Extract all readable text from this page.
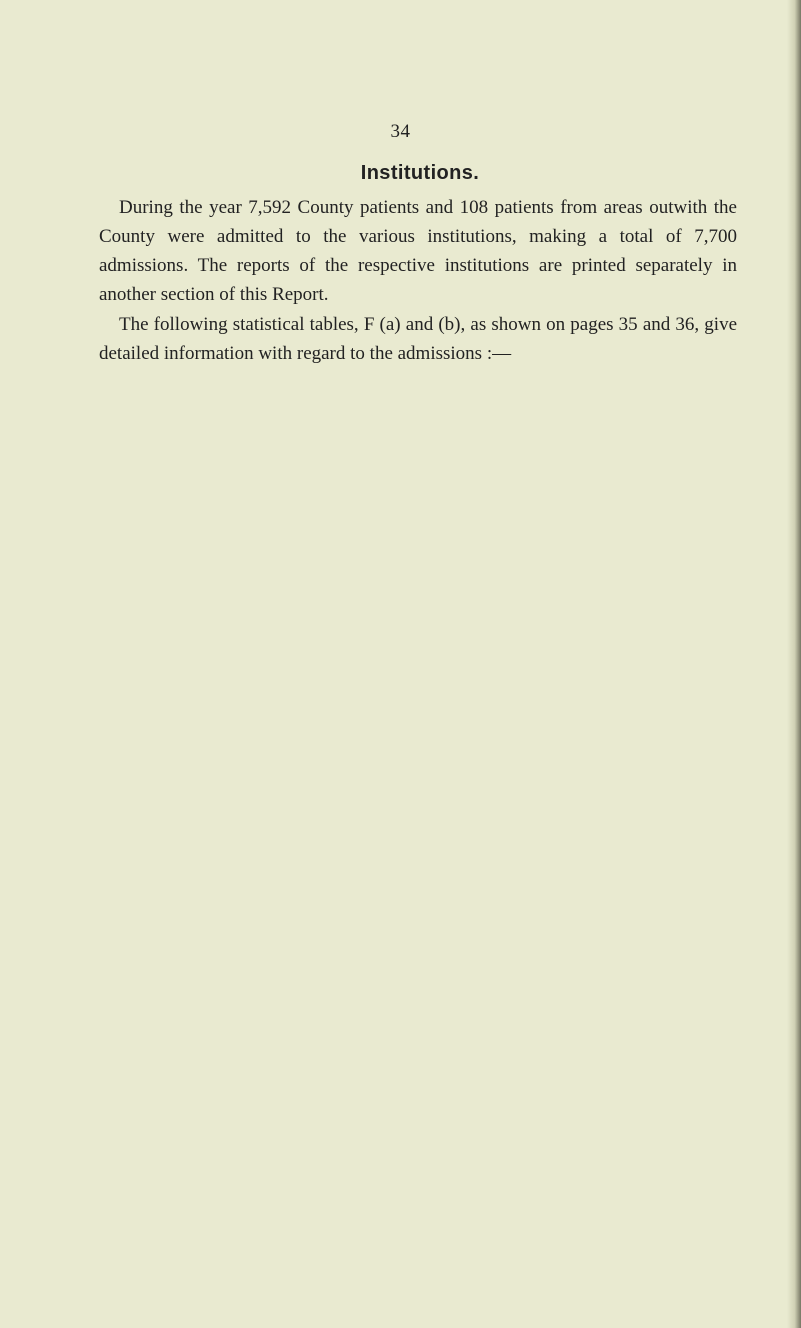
34
Institutions.

During the year 7,592 County patients and 108 patients from areas outwith the County were admitted to the various institutions, making a total of 7,700 admissions. The reports of the respective institutions are printed separately in another section of this Report.

The following statistical tables, F (a) and (b), as shown on pages 35 and 36, give detailed information with regard to the admissions :—
